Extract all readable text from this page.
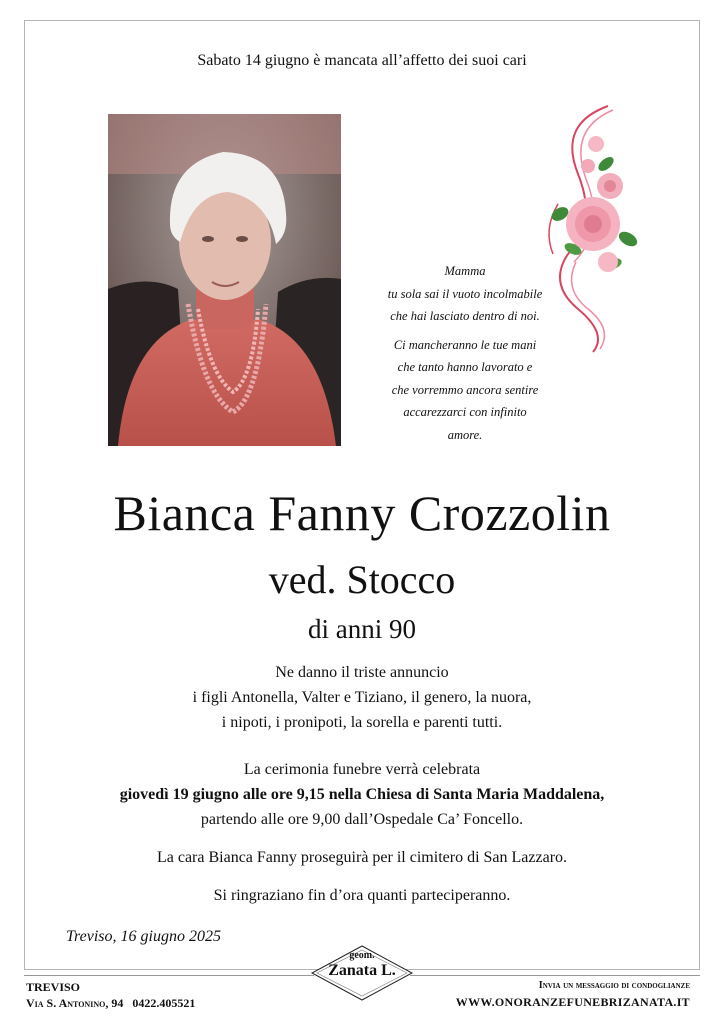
Sabato 14 giugno è mancata all’affetto dei suoi cari
Mamma
tu sola sai il vuoto incolmabile
che hai lasciato dentro di noi.
Ci mancheranno le tue mani
che tanto hanno lavorato e
che vorremmo ancora sentire
accarezzarci con infinito
amore.
Bianca Fanny Crozzolin
ved. Stocco
di anni 90
Ne danno il triste annuncio
i figli Antonella, Valter e Tiziano, il genero, la nuora,
i nipoti, i pronipoti, la sorella e parenti tutti.
La cerimonia funebre verrà celebrata
giovedì 19 giugno alle ore 9,15 nella Chiesa di Santa Maria Maddalena,
partendo alle ore 9,00 dall’Ospedale Ca’ Foncello.
La cara Bianca Fanny proseguirà per il cimitero di San Lazzaro.
Si ringraziano fin d’ora quanti parteciperanno.
Treviso, 16 giugno 2025
geom.
Zanata L.
TREVISO
Via S. Antonino, 94 0422.405521
Invia un messaggio di condoglianze
WWW.ONORANZEFUNEBRIZANATA.IT
